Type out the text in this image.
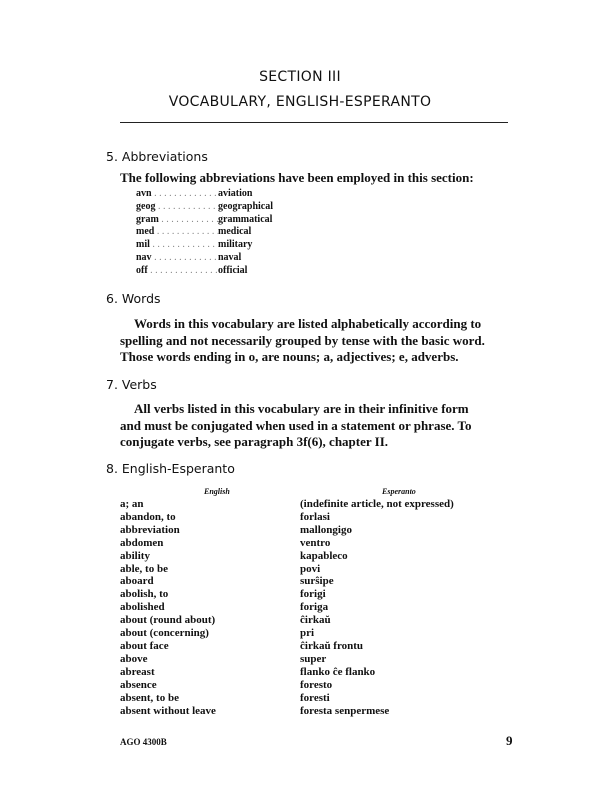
SECTION III
VOCABULARY, ENGLISH-ESPERANTO
5. Abbreviations
The following abbreviations have been employed in this section:
avn . . .	aviation
geog . . .	geographical
gram . . .	grammatical
med . . .	medical
mil . . .	military
nav . . .	naval
off . . .	official
6. Words
Words in this vocabulary are listed alphabetically according to
spelling and not necessarily grouped by tense with the basic word.
Those words ending in o, are nouns; a, adjectives; e, adverbs.
7. Verbs
All verbs listed in this vocabulary are in their infinitive form
and must be conjugated when used in a statement or phrase. To
conjugate verbs, see paragraph 3f(6), chapter II.
8. English-Esperanto
English	Esperanto
a; an	(indefinite article, not expressed)
abandon, to	forlasi
abbreviation	mallongigo
abdomen	ventro
ability	kapableco
able, to be	povi
aboard	surŝipe
abolish, to	forigi
abolished	foriga
about (round about)	ĉirkaŭ
about (concerning)	pri
about face	ĉirkaŭ frontu
above	super
abreast	flanko ĉe flanko
absence	foresto
absent, to be	foresti
absent without leave	foresta senpermese
AGO 4300B	9
